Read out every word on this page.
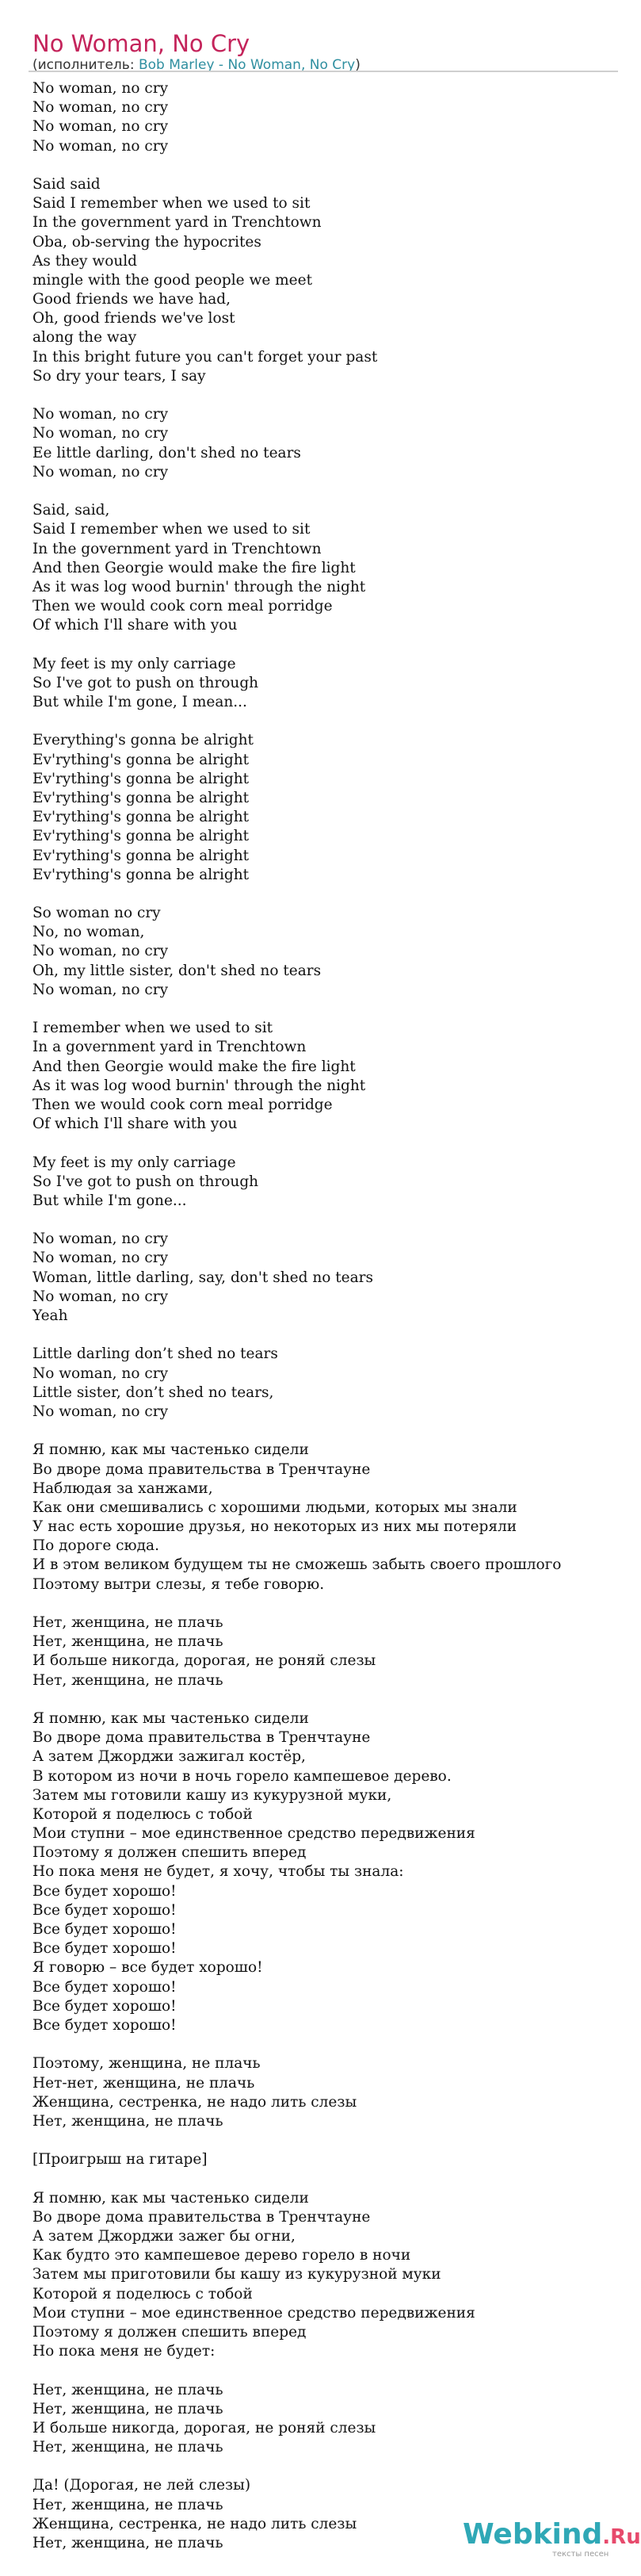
No Woman, No Cry
(исполнитель: Bob Marley - No Woman, No Cry)
No woman, no cry
No woman, no cry
No woman, no cry
No woman, no cry
Said said
Said I remember when we used to sit
In the government yard in Trenchtown
Oba, ob-serving the hypocrites
As they would
mingle with the good people we meet
Good friends we have had,
Oh, good friends we've lost
along the way
In this bright future you can't forget your past
So dry your tears, I say
No woman, no cry
No woman, no cry
Ee little darling, don't shed no tears
No woman, no cry
Said, said,
Said I remember when we used to sit
In the government yard in Trenchtown
And then Georgie would make the fire light
As it was log wood burnin' through the night
Then we would cook corn meal porridge
Of which I'll share with you
My feet is my only carriage
So I've got to push on through
But while I'm gone, I mean...
Everything's gonna be alright
Ev'rything's gonna be alright
Ev'rything's gonna be alright
Ev'rything's gonna be alright
Ev'rything's gonna be alright
Ev'rything's gonna be alright
Ev'rything's gonna be alright
Ev'rything's gonna be alright
So woman no cry
No, no woman,
No woman, no cry
Oh, my little sister, don't shed no tears
No woman, no cry
I remember when we used to sit
In a government yard in Trenchtown
And then Georgie would make the fire light
As it was log wood burnin' through the night
Then we would cook corn meal porridge
Of which I'll share with you
My feet is my only carriage
So I've got to push on through
But while I'm gone...
No woman, no cry
No woman, no cry
Woman, little darling, say, don't shed no tears
No woman, no cry
Yeah
Little darling don’t shed no tears
No woman, no cry
Little sister, don’t shed no tears,
No woman, no cry
Я помню, как мы частенько сидели
Во дворе дома правительства в Тренчтауне
Наблюдая за ханжами,
Как они смешивались с хорошими людьми, которых мы знали
У нас есть хорошие друзья, но некоторых из них мы потеряли
По дороге сюда.
И в этом великом будущем ты не сможешь забыть своего прошлого
Поэтому вытри слезы, я тебе говорю.
Нет, женщина, не плачь
Нет, женщина, не плачь
И больше никогда, дорогая, не роняй слезы
Нет, женщина, не плачь
Я помню, как мы частенько сидели
Во дворе дома правительства в Тренчтауне
А затем Джорджи зажигал костёр,
В котором из ночи в ночь горело кампешевое дерево.
Затем мы готовили кашу из кукурузной муки,
Которой я поделюсь с тобой
Мои ступни – мое единственное средство передвижения
Поэтому я должен спешить вперед
Но пока меня не будет, я хочу, чтобы ты знала:
Все будет хорошо!
Все будет хорошо!
Все будет хорошо!
Все будет хорошо!
Я говорю – все будет хорошо!
Все будет хорошо!
Все будет хорошо!
Все будет хорошо!
Поэтому, женщина, не плачь
Нет-нет, женщина, не плачь
Женщина, сестренка, не надо лить слезы
Нет, женщина, не плачь
[Проигрыш на гитаре]
Я помню, как мы частенько сидели
Во дворе дома правительства в Тренчтауне
А затем Джорджи зажег бы огни,
Как будто это кампешевое дерево горело в ночи
Затем мы приготовили бы кашу из кукурузной муки
Которой я поделюсь с тобой
Мои ступни – мое единственное средство передвижения
Поэтому я должен спешить вперед
Но пока меня не будет:
Нет, женщина, не плачь
Нет, женщина, не плачь
И больше никогда, дорогая, не роняй слезы
Нет, женщина, не плачь
Да! (Дорогая, не лей слезы)
Нет, женщина, не плачь
Женщина, сестренка, не надо лить слезы
Нет, женщина, не плачь	Webkind.Ru
тексты песен
